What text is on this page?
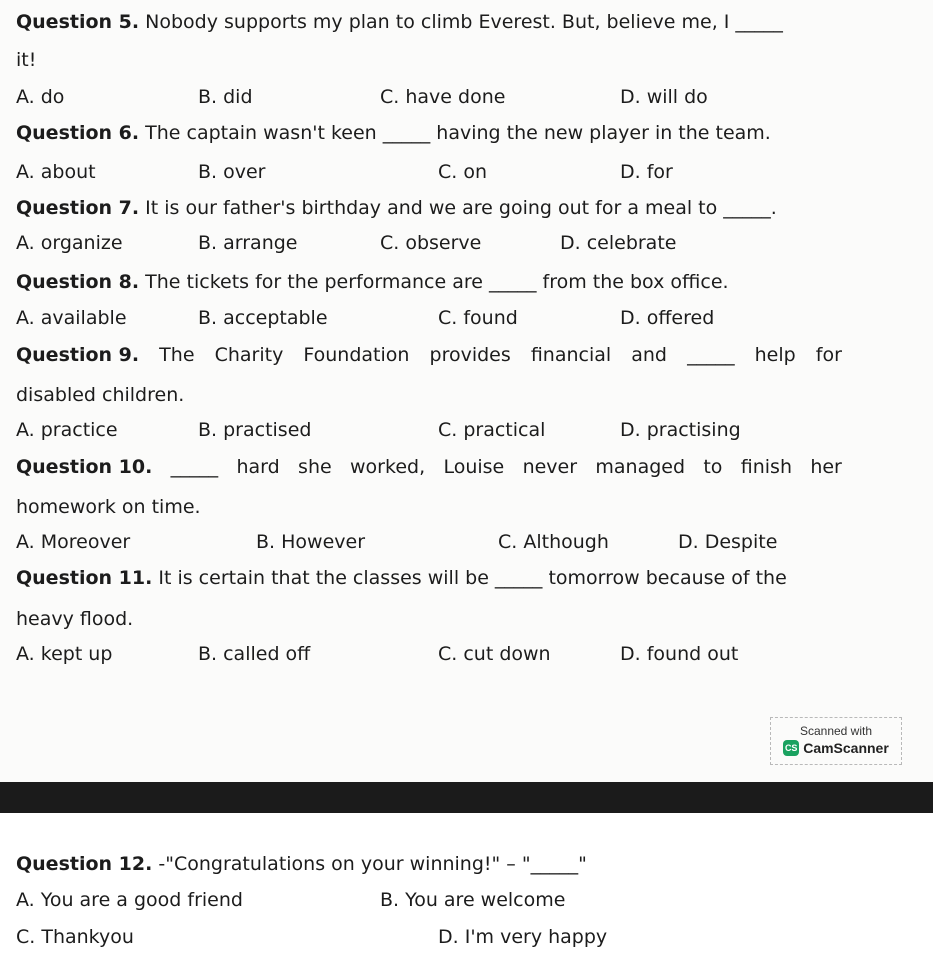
Question 5. Nobody supports my plan to climb Everest. But, believe me, I _____
it!
A. do	B. did	C. have done	D. will do
Question 6. The captain wasn't keen _____ having the new player in the team.
A. about	B. over	C. on	D. for
Question 7. It is our father's birthday and we are going out for a meal to _____.
A. organize	B. arrange	C. observe	D. celebrate
Question 8. The tickets for the performance are _____ from the box office.
A. available	B. acceptable	C. found	D. offered
Question 9. The Charity Foundation provides financial and _____ help for
disabled children.
A. practice	B. practised	C. practical	D. practising
Question 10. _____ hard she worked, Louise never managed to finish her
homework on time.
A. Moreover	B. However	C. Although	D. Despite
Question 11. It is certain that the classes will be _____ tomorrow because of the
heavy flood.
A. kept up	B. called off	C. cut down	D. found out
Scanned with
CS CamScanner
Question 12. -"Congratulations on your winning!" – "_____"
A. You are a good friend	B. You are welcome
C. Thankyou	D. I'm very happy
